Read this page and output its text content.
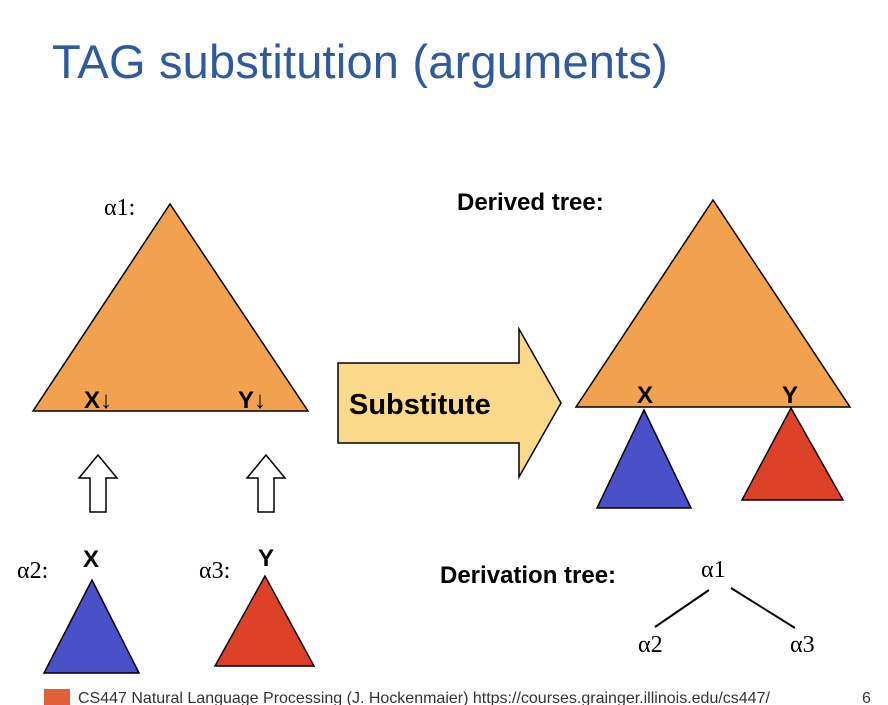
TAG substitution (arguments)
α1:
X↓	Y↓	Substitute
Derived tree:
X	Y
α2: X	α3: Y
Derivation tree:	α1
α2	α3
CS447 Natural Language Processing (J. Hockenmaier) https://courses.grainger.illinois.edu/cs447/	6
